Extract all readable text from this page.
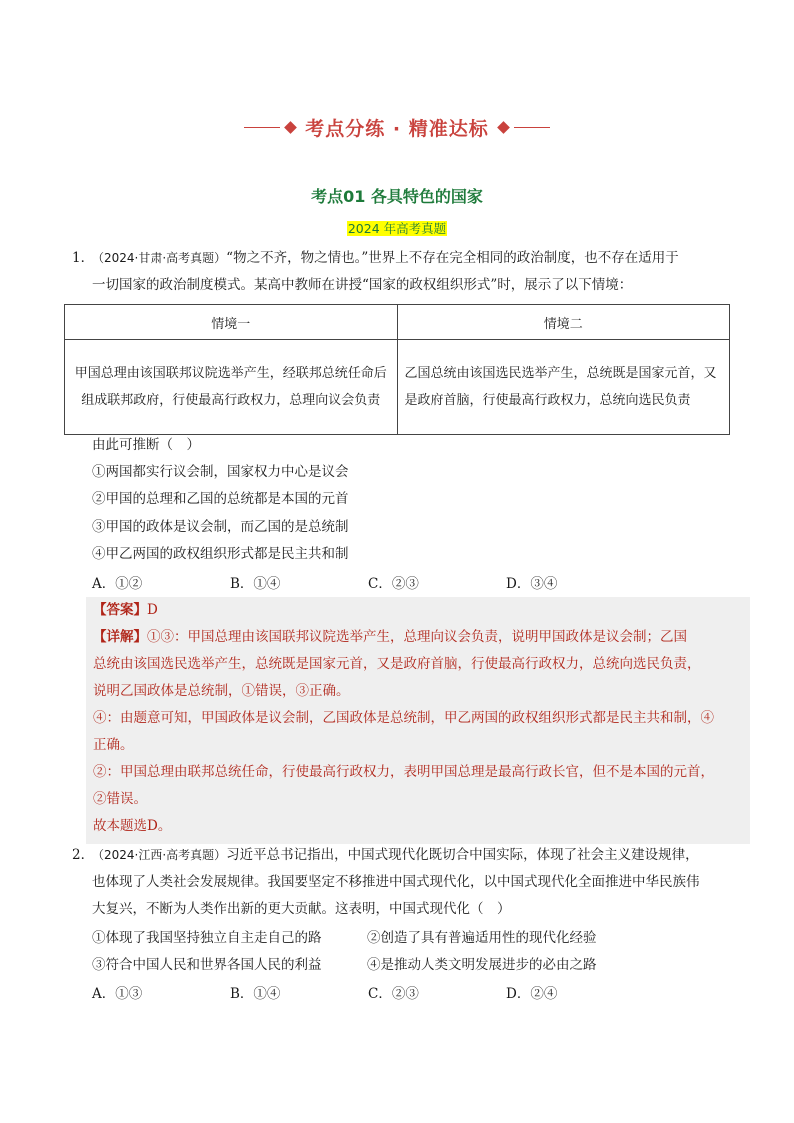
考点分练 · 精准达标
考点01 各具特色的国家
2024 年高考真题
1．
（2024·甘肃·高考真题）“物之不齐，物之情也。”世界上不存在完全相同的政治制度，也不存在适用于
一切国家的政治制度模式。某高中教师在讲授“国家的政权组织形式”时，展示了以下情境：
情境一	情境二
甲国总理由该国联邦议院选举产生，经联邦总统任命后组成联邦政府，行使最高行政权力，总理向议会负责	乙国总统由该国选民选举产生，总统既是国家元首，又是政府首脑，行使最高行政权力，总统向选民负责
由此可推断（　）
①两国都实行议会制，国家权力中心是议会
②甲国的总理和乙国的总统都是本国的元首
③甲国的政体是议会制，而乙国的是总统制
④甲乙两国的政权组织形式都是民主共和制
A．①②	B．①④	C．②③	D．③④
【答案】D
【详解】①③：甲国总理由该国联邦议院选举产生，总理向议会负责，说明甲国政体是议会制；乙国
总统由该国选民选举产生，总统既是国家元首，又是政府首脑，行使最高行政权力，总统向选民负责，
说明乙国政体是总统制，①错误，③正确。
④：由题意可知，甲国政体是议会制，乙国政体是总统制，甲乙两国的政权组织形式都是民主共和制，④
正确。
②：甲国总理由联邦总统任命，行使最高行政权力，表明甲国总理是最高行政长官，但不是本国的元首，
②错误。
故本题选D。
2．
（2024·江西·高考真题）习近平总书记指出，中国式现代化既切合中国实际，体现了社会主义建设规律，
也体现了人类社会发展规律。我国要坚定不移推进中国式现代化，以中国式现代化全面推进中华民族伟
大复兴，不断为人类作出新的更大贡献。这表明，中国式现代化（　）
①体现了我国坚持独立自主走自己的路	②创造了具有普遍适用性的现代化经验
③符合中国人民和世界各国人民的利益	④是推动人类文明发展进步的必由之路
A．①③	B．①④	C．②③	D．②④
